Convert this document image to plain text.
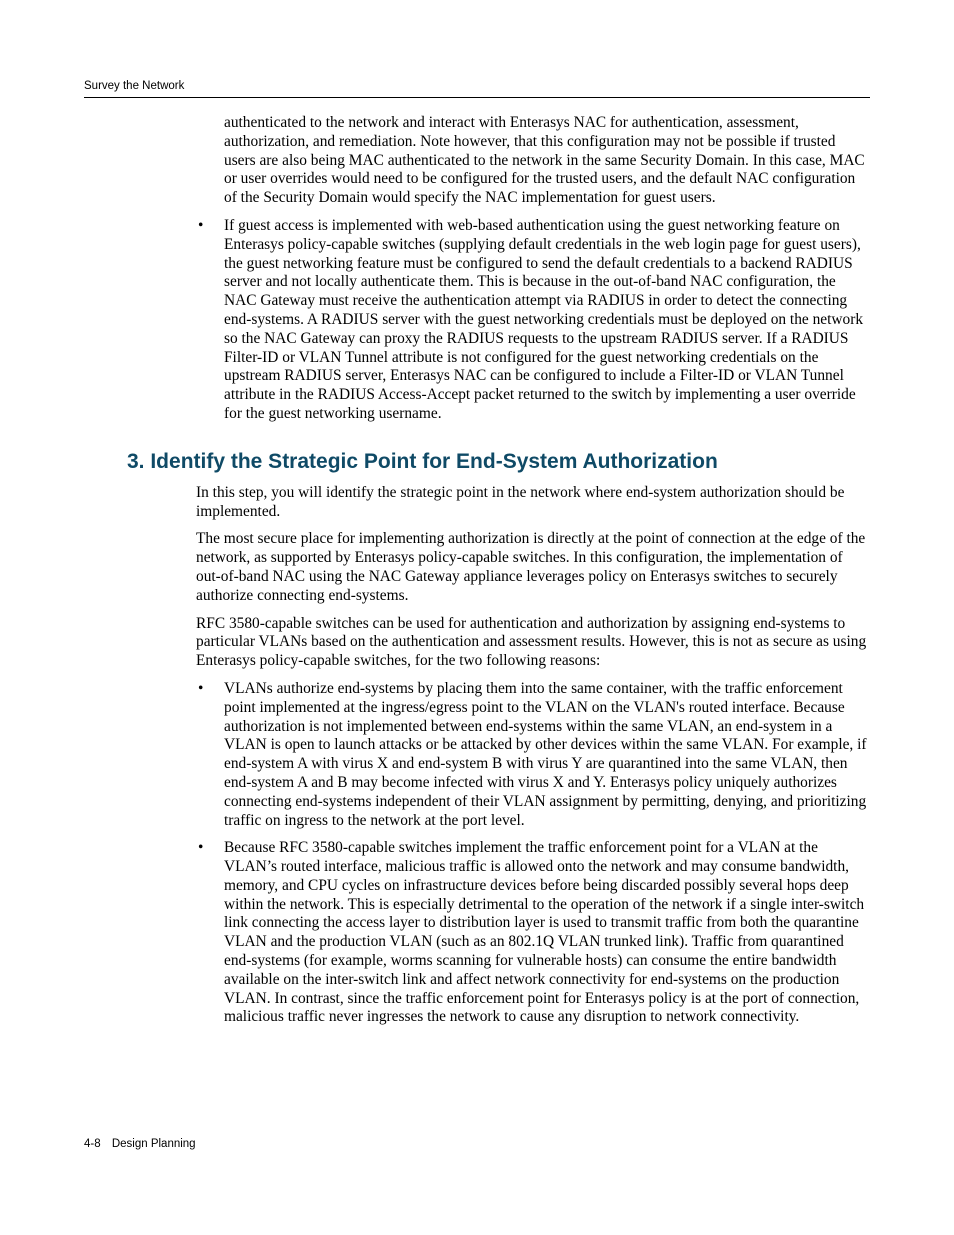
Survey the Network

authenticated to the network and interact with Enterasys NAC for authentication, assessment, authorization, and remediation. Note however, that this configuration may not be possible if trusted users are also being MAC authenticated to the network in the same Security Domain. In this case, MAC or user overrides would need to be configured for the trusted users, and the default NAC configuration of the Security Domain would specify the NAC implementation for guest users.

• If guest access is implemented with web-based authentication using the guest networking feature on Enterasys policy-capable switches (supplying default credentials in the web login page for guest users), the guest networking feature must be configured to send the default credentials to a backend RADIUS server and not locally authenticate them. This is because in the out-of-band NAC configuration, the NAC Gateway must receive the authentication attempt via RADIUS in order to detect the connecting end-systems. A RADIUS server with the guest networking credentials must be deployed on the network so the NAC Gateway can proxy the RADIUS requests to the upstream RADIUS server. If a RADIUS Filter-ID or VLAN Tunnel attribute is not configured for the guest networking credentials on the upstream RADIUS server, Enterasys NAC can be configured to include a Filter-ID or VLAN Tunnel attribute in the RADIUS Access-Accept packet returned to the switch by implementing a user override for the guest networking username.
3. Identify the Strategic Point for End-System Authorization

In this step, you will identify the strategic point in the network where end-system authorization should be implemented.

The most secure place for implementing authorization is directly at the point of connection at the edge of the network, as supported by Enterasys policy-capable switches. In this configuration, the implementation of out-of-band NAC using the NAC Gateway appliance leverages policy on Enterasys switches to securely authorize connecting end-systems.

RFC 3580-capable switches can be used for authentication and authorization by assigning end-systems to particular VLANs based on the authentication and assessment results. However, this is not as secure as using Enterasys policy-capable switches, for the two following reasons:

• VLANs authorize end-systems by placing them into the same container, with the traffic enforcement point implemented at the ingress/egress point to the VLAN on the VLAN's routed interface. Because authorization is not implemented between end-systems within the same VLAN, an end-system in a VLAN is open to launch attacks or be attacked by other devices within the same VLAN. For example, if end-system A with virus X and end-system B with virus Y are quarantined into the same VLAN, then end-system A and B may become infected with virus X and Y. Enterasys policy uniquely authorizes connecting end-systems independent of their VLAN assignment by permitting, denying, and prioritizing traffic on ingress to the network at the port level.
• Because RFC 3580-capable switches implement the traffic enforcement point for a VLAN at the VLAN’s routed interface, malicious traffic is allowed onto the network and may consume bandwidth, memory, and CPU cycles on infrastructure devices before being discarded possibly several hops deep within the network. This is especially detrimental to the operation of the network if a single inter-switch link connecting the access layer to distribution layer is used to transmit traffic from both the quarantine VLAN and the production VLAN (such as an 802.1Q VLAN trunked link). Traffic from quarantined end-systems (for example, worms scanning for vulnerable hosts) can consume the entire bandwidth available on the inter-switch link and affect network connectivity for end-systems on the production VLAN. In contrast, since the traffic enforcement point for Enterasys policy is at the port of connection, malicious traffic never ingresses the network to cause any disruption to network connectivity.
4-8 Design Planning
